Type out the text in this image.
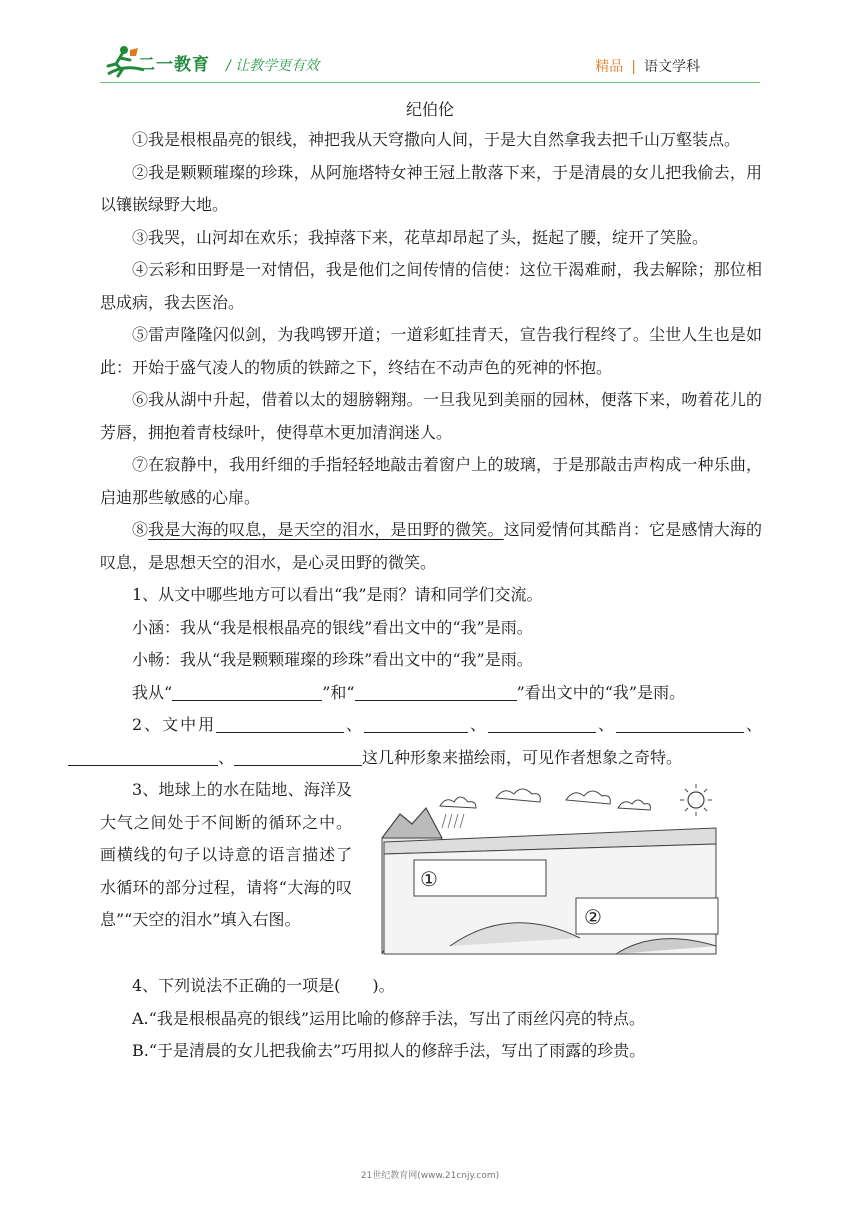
二一教育 / 让教学更有效	精品 | 语文学科
纪伯伦

①我是根根晶亮的银线，神把我从天穹撒向人间，于是大自然拿我去把千山万壑装点。

②我是颗颗璀璨的珍珠，从阿施塔特女神王冠上散落下来，于是清晨的女儿把我偷去，用以镶嵌绿野大地。

③我哭，山河却在欢乐；我掉落下来，花草却昂起了头，挺起了腰，绽开了笑脸。

④云彩和田野是一对情侣，我是他们之间传情的信使：这位干渴难耐，我去解除；那位相思成病，我去医治。

⑤雷声隆隆闪似剑，为我鸣锣开道；一道彩虹挂青天，宣告我行程终了。尘世人生也是如此：开始于盛气凌人的物质的铁蹄之下，终结在不动声色的死神的怀抱。

⑥我从湖中升起，借着以太的翅膀翱翔。一旦我见到美丽的园林，便落下来，吻着花儿的芳唇，拥抱着青枝绿叶，使得草木更加清润迷人。

⑦在寂静中，我用纤细的手指轻轻地敲击着窗户上的玻璃，于是那敲击声构成一种乐曲，启迪那些敏感的心扉。

⑧我是大海的叹息，是天空的泪水，是田野的微笑。这同爱情何其酷肖：它是感情大海的叹息，是思想天空的泪水，是心灵田野的微笑。

1、从文中哪些地方可以看出“我”是雨？请和同学们交流。

小涵：我从“我是根根晶亮的银线”看出文中的“我”是雨。

小畅：我从“我是颗颗璀璨的珍珠”看出文中的“我”是雨。

我从“	”和“	”看出文中的“我”是雨。

2、文中用	、	、	、	、、	这几种形象来描绘雨，可见作者想象之奇特。

3、地球上的水在陆地、海洋及大气之间处于不间断的循环之中。画横线的句子以诗意的语言描述了水循环的部分过程，请将“大海的叹息”“天空的泪水”填入右图。

①
②

4、下列说法不正确的一项是(　　)。

A.“我是根根晶亮的银线”运用比喻的修辞手法，写出了雨丝闪亮的特点。

B.“于是清晨的女儿把我偷去”巧用拟人的修辞手法，写出了雨露的珍贵。

21世纪教育网(www.21cnjy.com)
